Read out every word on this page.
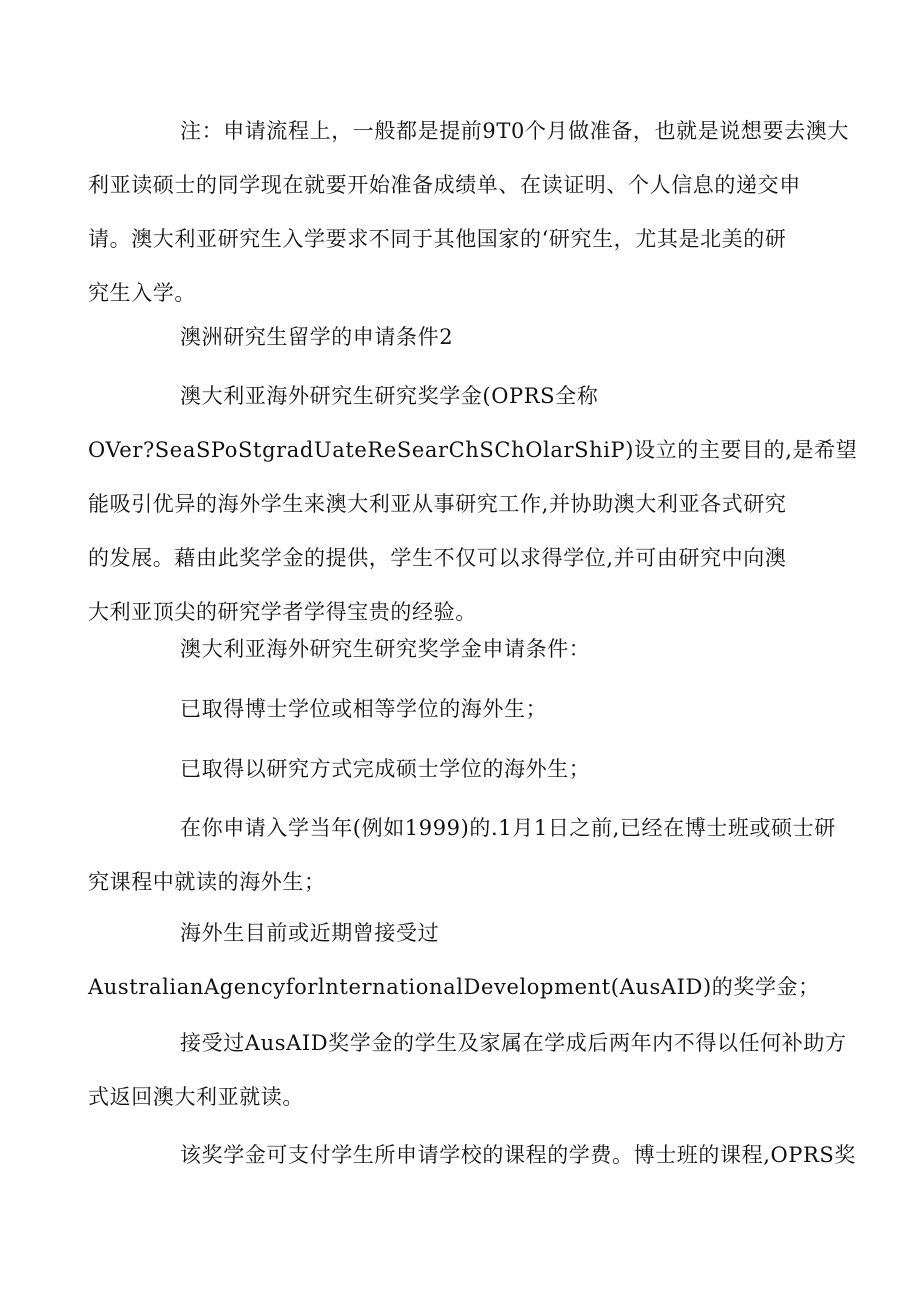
注：申请流程上，一般都是提前9T0个月做准备，也就是说想要去澳大
利亚读硕士的同学现在就要开始准备成绩单、在读证明、个人信息的递交申
请。澳大利亚研究生入学要求不同于其他国家的‘研究生，尤其是北美的研
究生入学。
澳洲研究生留学的申请条件2
澳大利亚海外研究生研究奖学金(OPRS全称
OVer?SeaSPoStgradUateReSearChSChOlarShiP)设立的主要目的,是希望
能吸引优异的海外学生来澳大利亚从事研究工作,并协助澳大利亚各式研究
的发展。藉由此奖学金的提供，学生不仅可以求得学位,并可由研究中向澳
大利亚顶尖的研究学者学得宝贵的经验。
澳大利亚海外研究生研究奖学金申请条件：
已取得博士学位或相等学位的海外生；
已取得以研究方式完成硕士学位的海外生；
在你申请入学当年(例如1999)的.1月1日之前,已经在博士班或硕士研
究课程中就读的海外生；
海外生目前或近期曾接受过
AustralianAgencyforlnternationalDevelopment(AusAID)的奖学金；
接受过AusAID奖学金的学生及家属在学成后两年内不得以任何补助方
式返回澳大利亚就读。
该奖学金可支付学生所申请学校的课程的学费。博士班的课程,OPRS奖
